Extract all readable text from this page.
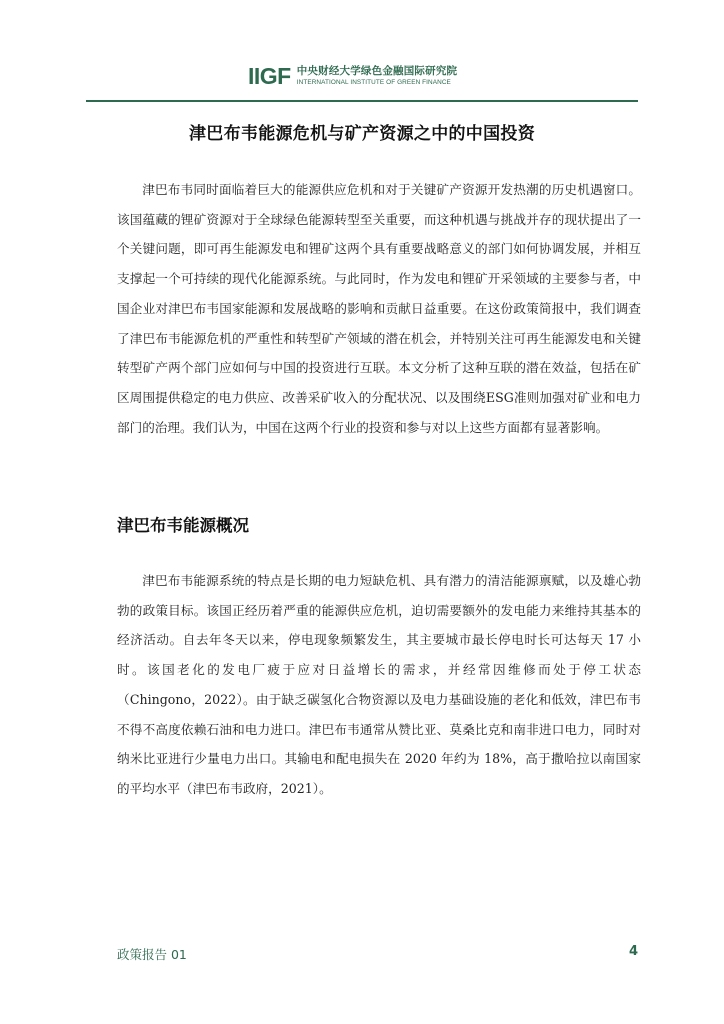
IIGF 中央财经大学绿色金融国际研究院
INTERNATIONAL INSTITUTE OF GREEN FINANCE
津巴布韦能源危机与矿产资源之中的中国投资

津巴布韦同时面临着巨大的能源供应危机和对于关键矿产资源开发热潮的历史机遇窗口。该国蕴藏的锂矿资源对于全球绿色能源转型至关重要，而这种机遇与挑战并存的现状提出了一个关键问题，即可再生能源发电和锂矿这两个具有重要战略意义的部门如何协调发展，并相互支撑起一个可持续的现代化能源系统。与此同时，作为发电和锂矿开采领域的主要参与者，中国企业对津巴布韦国家能源和发展战略的影响和贡献日益重要。在这份政策简报中，我们调查了津巴布韦能源危机的严重性和转型矿产领域的潜在机会，并特别关注可再生能源发电和关键转型矿产两个部门应如何与中国的投资进行互联。本文分析了这种互联的潜在效益，包括在矿区周围提供稳定的电力供应、改善采矿收入的分配状况、以及围绕ESG准则加强对矿业和电力部门的治理。我们认为，中国在这两个行业的投资和参与对以上这些方面都有显著影响。

津巴布韦能源概况

津巴布韦能源系统的特点是长期的电力短缺危机、具有潜力的清洁能源禀赋，以及雄心勃勃的政策目标。该国正经历着严重的能源供应危机，迫切需要额外的发电能力来维持其基本的经济活动。自去年冬天以来，停电现象频繁发生，其主要城市最长停电时长可达每天 17 小时。该国老化的发电厂疲于应对日益增长的需求，并经常因维修而处于停工状态（Chingono，2022）。由于缺乏碳氢化合物资源以及电力基础设施的老化和低效，津巴布韦不得不高度依赖石油和电力进口。津巴布韦通常从赞比亚、莫桑比克和南非进口电力，同时对纳米比亚进行少量电力出口。其输电和配电损失在 2020 年约为 18%，高于撒哈拉以南国家的平均水平（津巴布韦政府，2021）。

政策报告 01	4
